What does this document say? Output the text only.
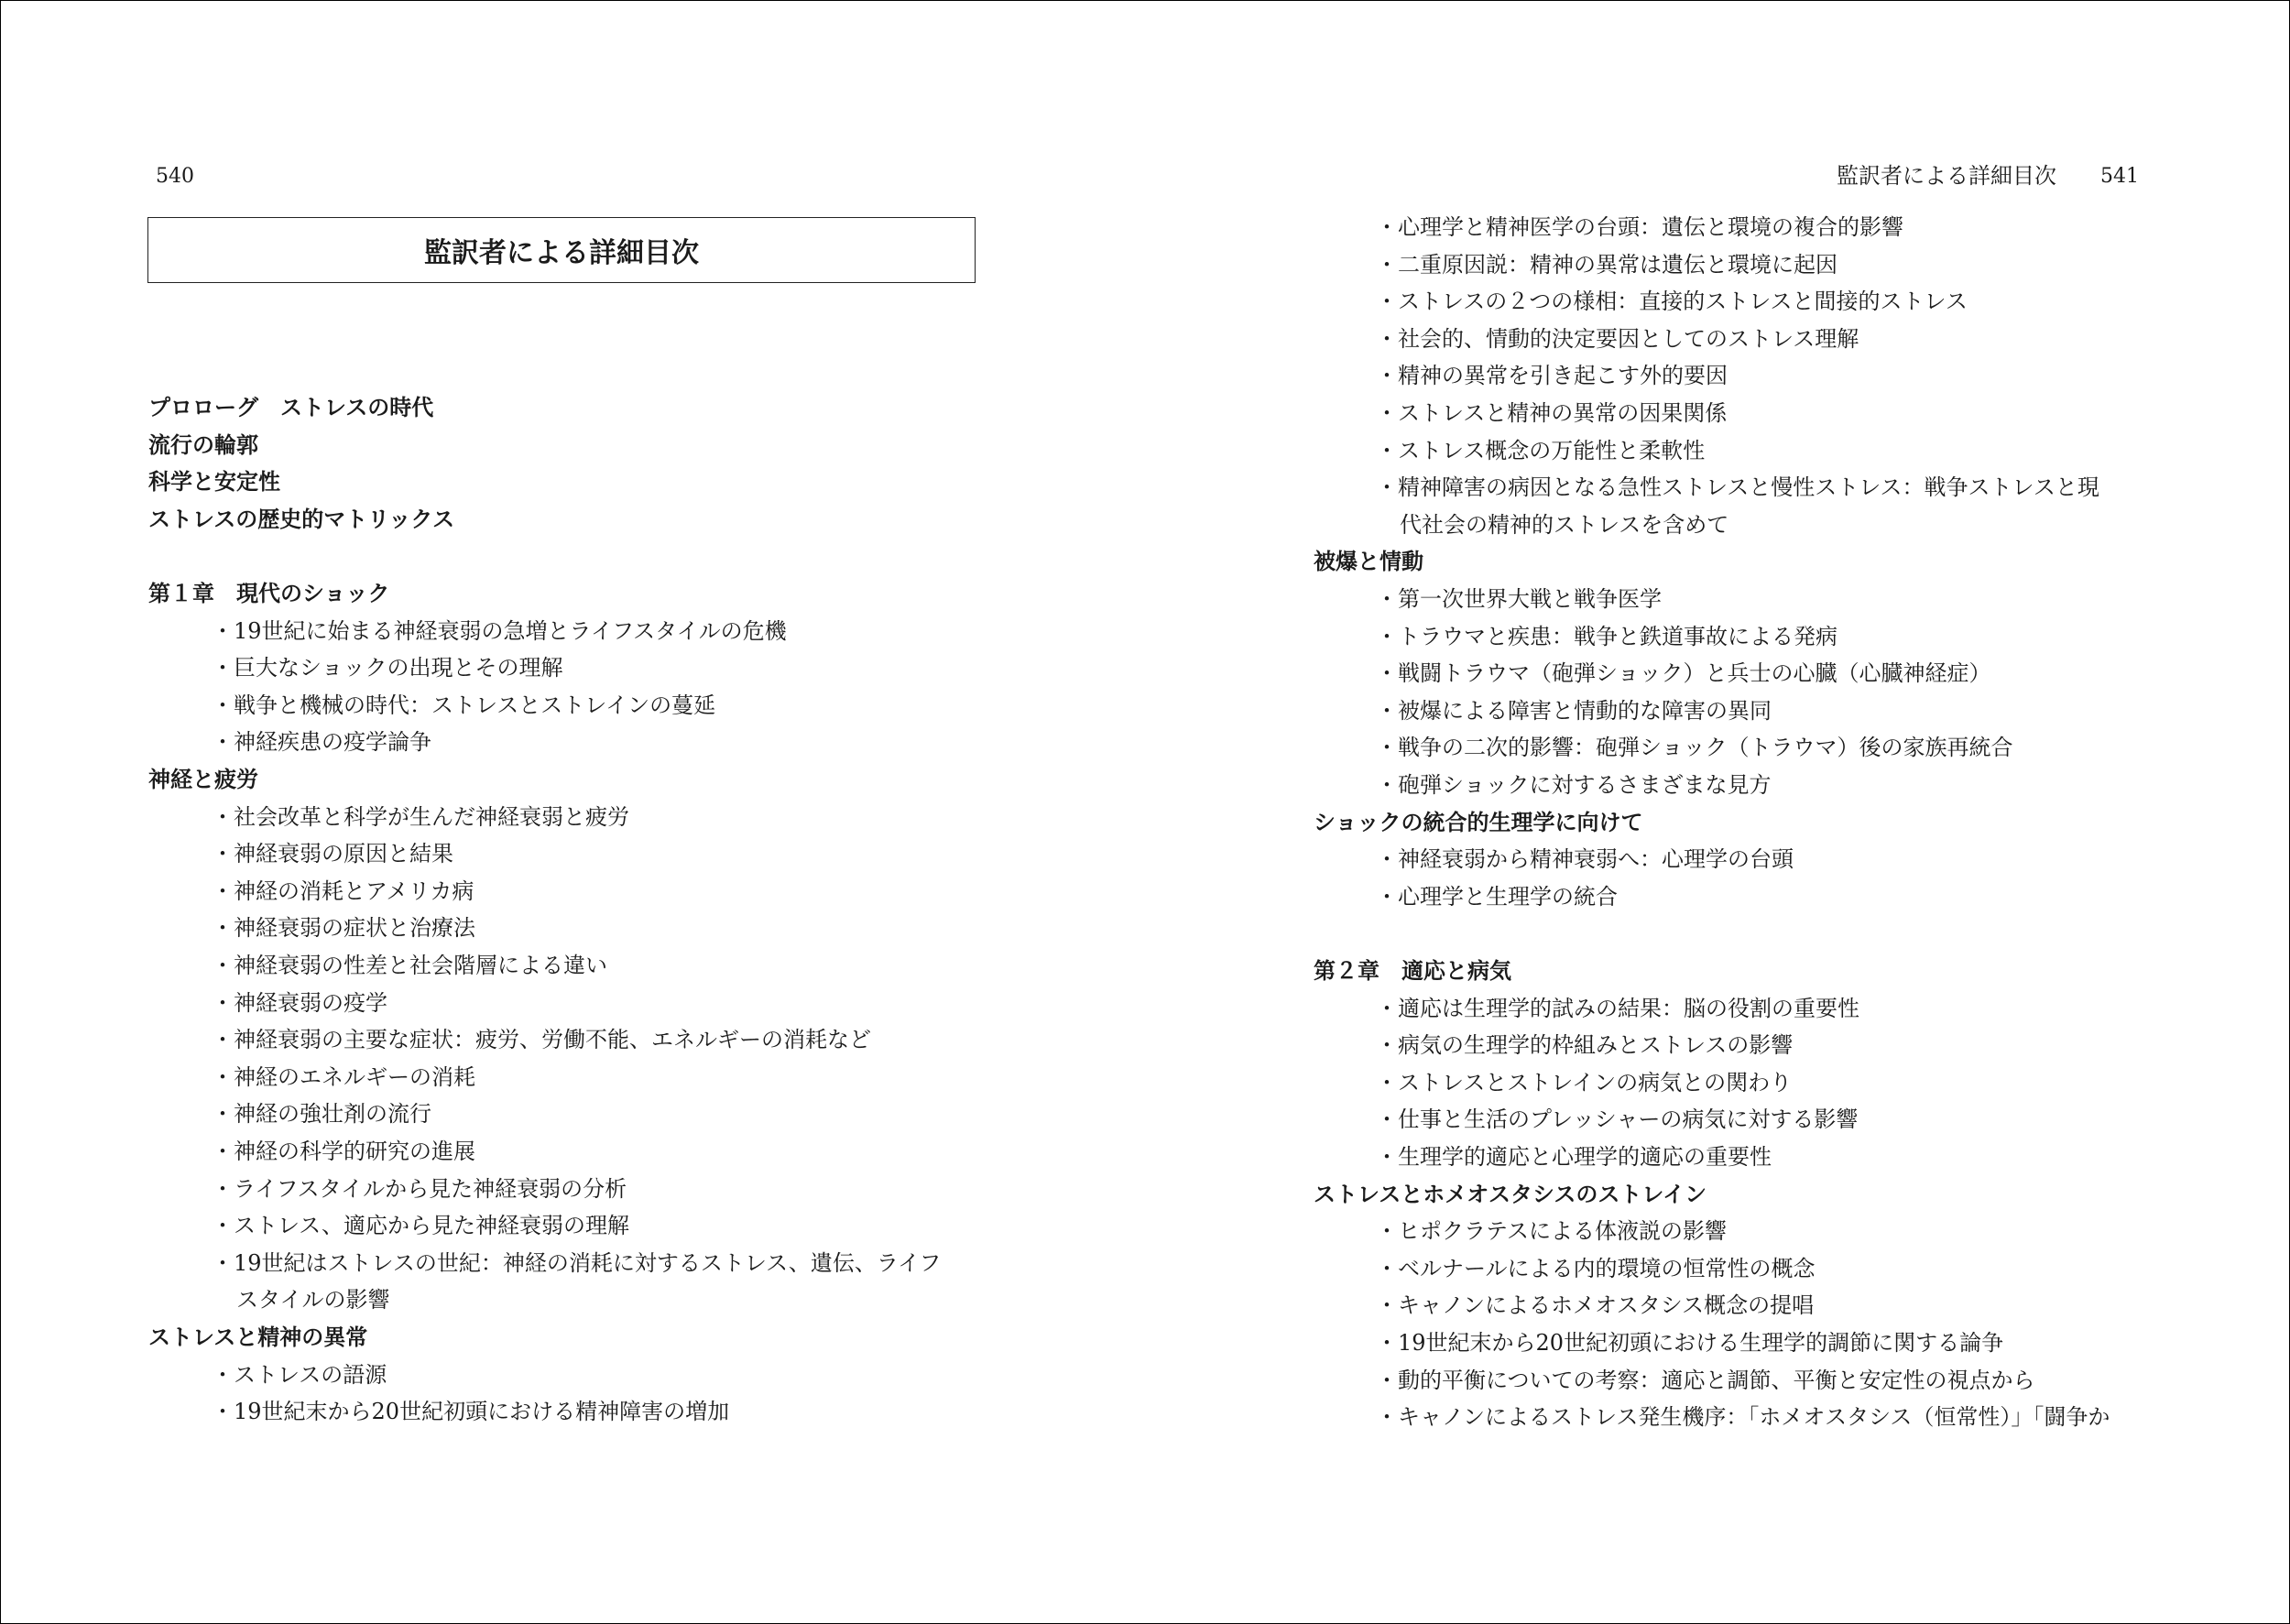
540	監訳者による詳細目次 541
監訳者による詳細目次
プロローグ　ストレスの時代
流行の輪郭
科学と安定性
ストレスの歴史的マトリックス
第１章　現代のショック
・19世紀に始まる神経衰弱の急増とライフスタイルの危機
・巨大なショックの出現とその理解
・戦争と機械の時代：ストレスとストレインの蔓延
・神経疾患の疫学論争
神経と疲労
・社会改革と科学が生んだ神経衰弱と疲労
・神経衰弱の原因と結果
・神経の消耗とアメリカ病
・神経衰弱の症状と治療法
・神経衰弱の性差と社会階層による違い
・神経衰弱の疫学
・神経衰弱の主要な症状：疲労、労働不能、エネルギーの消耗など
・神経のエネルギーの消耗
・神経の強壮剤の流行
・神経の科学的研究の進展
・ライフスタイルから見た神経衰弱の分析
・ストレス、適応から見た神経衰弱の理解
・19世紀はストレスの世紀：神経の消耗に対するストレス、遺伝、ライフ
スタイルの影響
ストレスと精神の異常
・ストレスの語源
・19世紀末から20世紀初頭における精神障害の増加
・心理学と精神医学の台頭：遺伝と環境の複合的影響
・二重原因説：精神の異常は遺伝と環境に起因
・ストレスの２つの様相：直接的ストレスと間接的ストレス
・社会的、情動的決定要因としてのストレス理解
・精神の異常を引き起こす外的要因
・ストレスと精神の異常の因果関係
・ストレス概念の万能性と柔軟性
・精神障害の病因となる急性ストレスと慢性ストレス：戦争ストレスと現
代社会の精神的ストレスを含めて
被爆と情動
・第一次世界大戦と戦争医学
・トラウマと疾患：戦争と鉄道事故による発病
・戦闘トラウマ（砲弾ショック）と兵士の心臓（心臓神経症）
・被爆による障害と情動的な障害の異同
・戦争の二次的影響：砲弾ショック（トラウマ）後の家族再統合
・砲弾ショックに対するさまざまな見方
ショックの統合的生理学に向けて
・神経衰弱から精神衰弱へ：心理学の台頭
・心理学と生理学の統合
第２章　適応と病気
・適応は生理学的試みの結果：脳の役割の重要性
・病気の生理学的枠組みとストレスの影響
・ストレスとストレインの病気との関わり
・仕事と生活のプレッシャーの病気に対する影響
・生理学的適応と心理学的適応の重要性
ストレスとホメオスタシスのストレイン
・ヒポクラテスによる体液説の影響
・ベルナールによる内的環境の恒常性の概念
・キャノンによるホメオスタシス概念の提唱
・19世紀末から20世紀初頭における生理学的調節に関する論争
・動的平衡についての考察：適応と調節、平衡と安定性の視点から
・キャノンによるストレス発生機序：「ホメオスタシス（恒常性）」「闘争か
